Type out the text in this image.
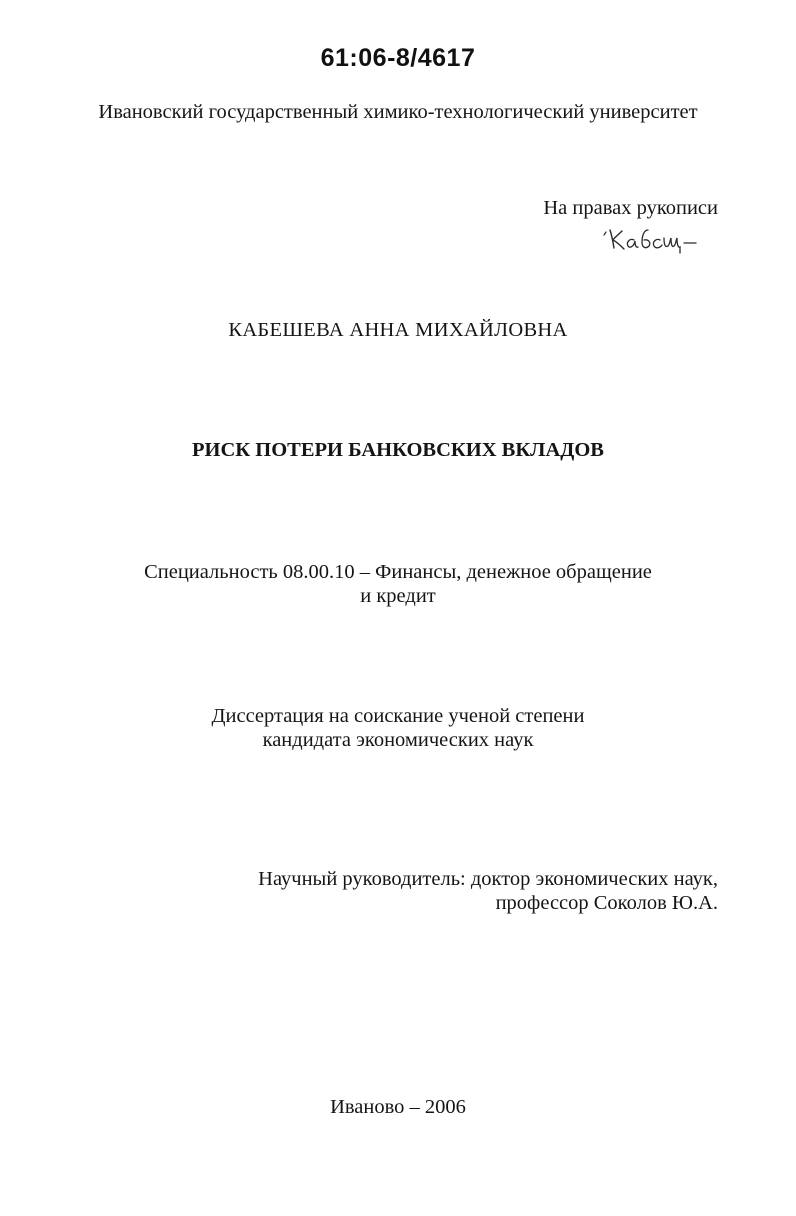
61:06-8/4617
Ивановский государственный химико-технологический университет
На правах рукописи
КАБЕШЕВА АННА МИХАЙЛОВНА
РИСК ПОТЕРИ БАНКОВСКИХ ВКЛАДОВ
Специальность 08.00.10 – Финансы, денежное обращение
и кредит
Диссертация на соискание ученой степени
кандидата экономических наук
Научный руководитель: доктор экономических наук,
профессор Соколов Ю.А.
Иваново – 2006
